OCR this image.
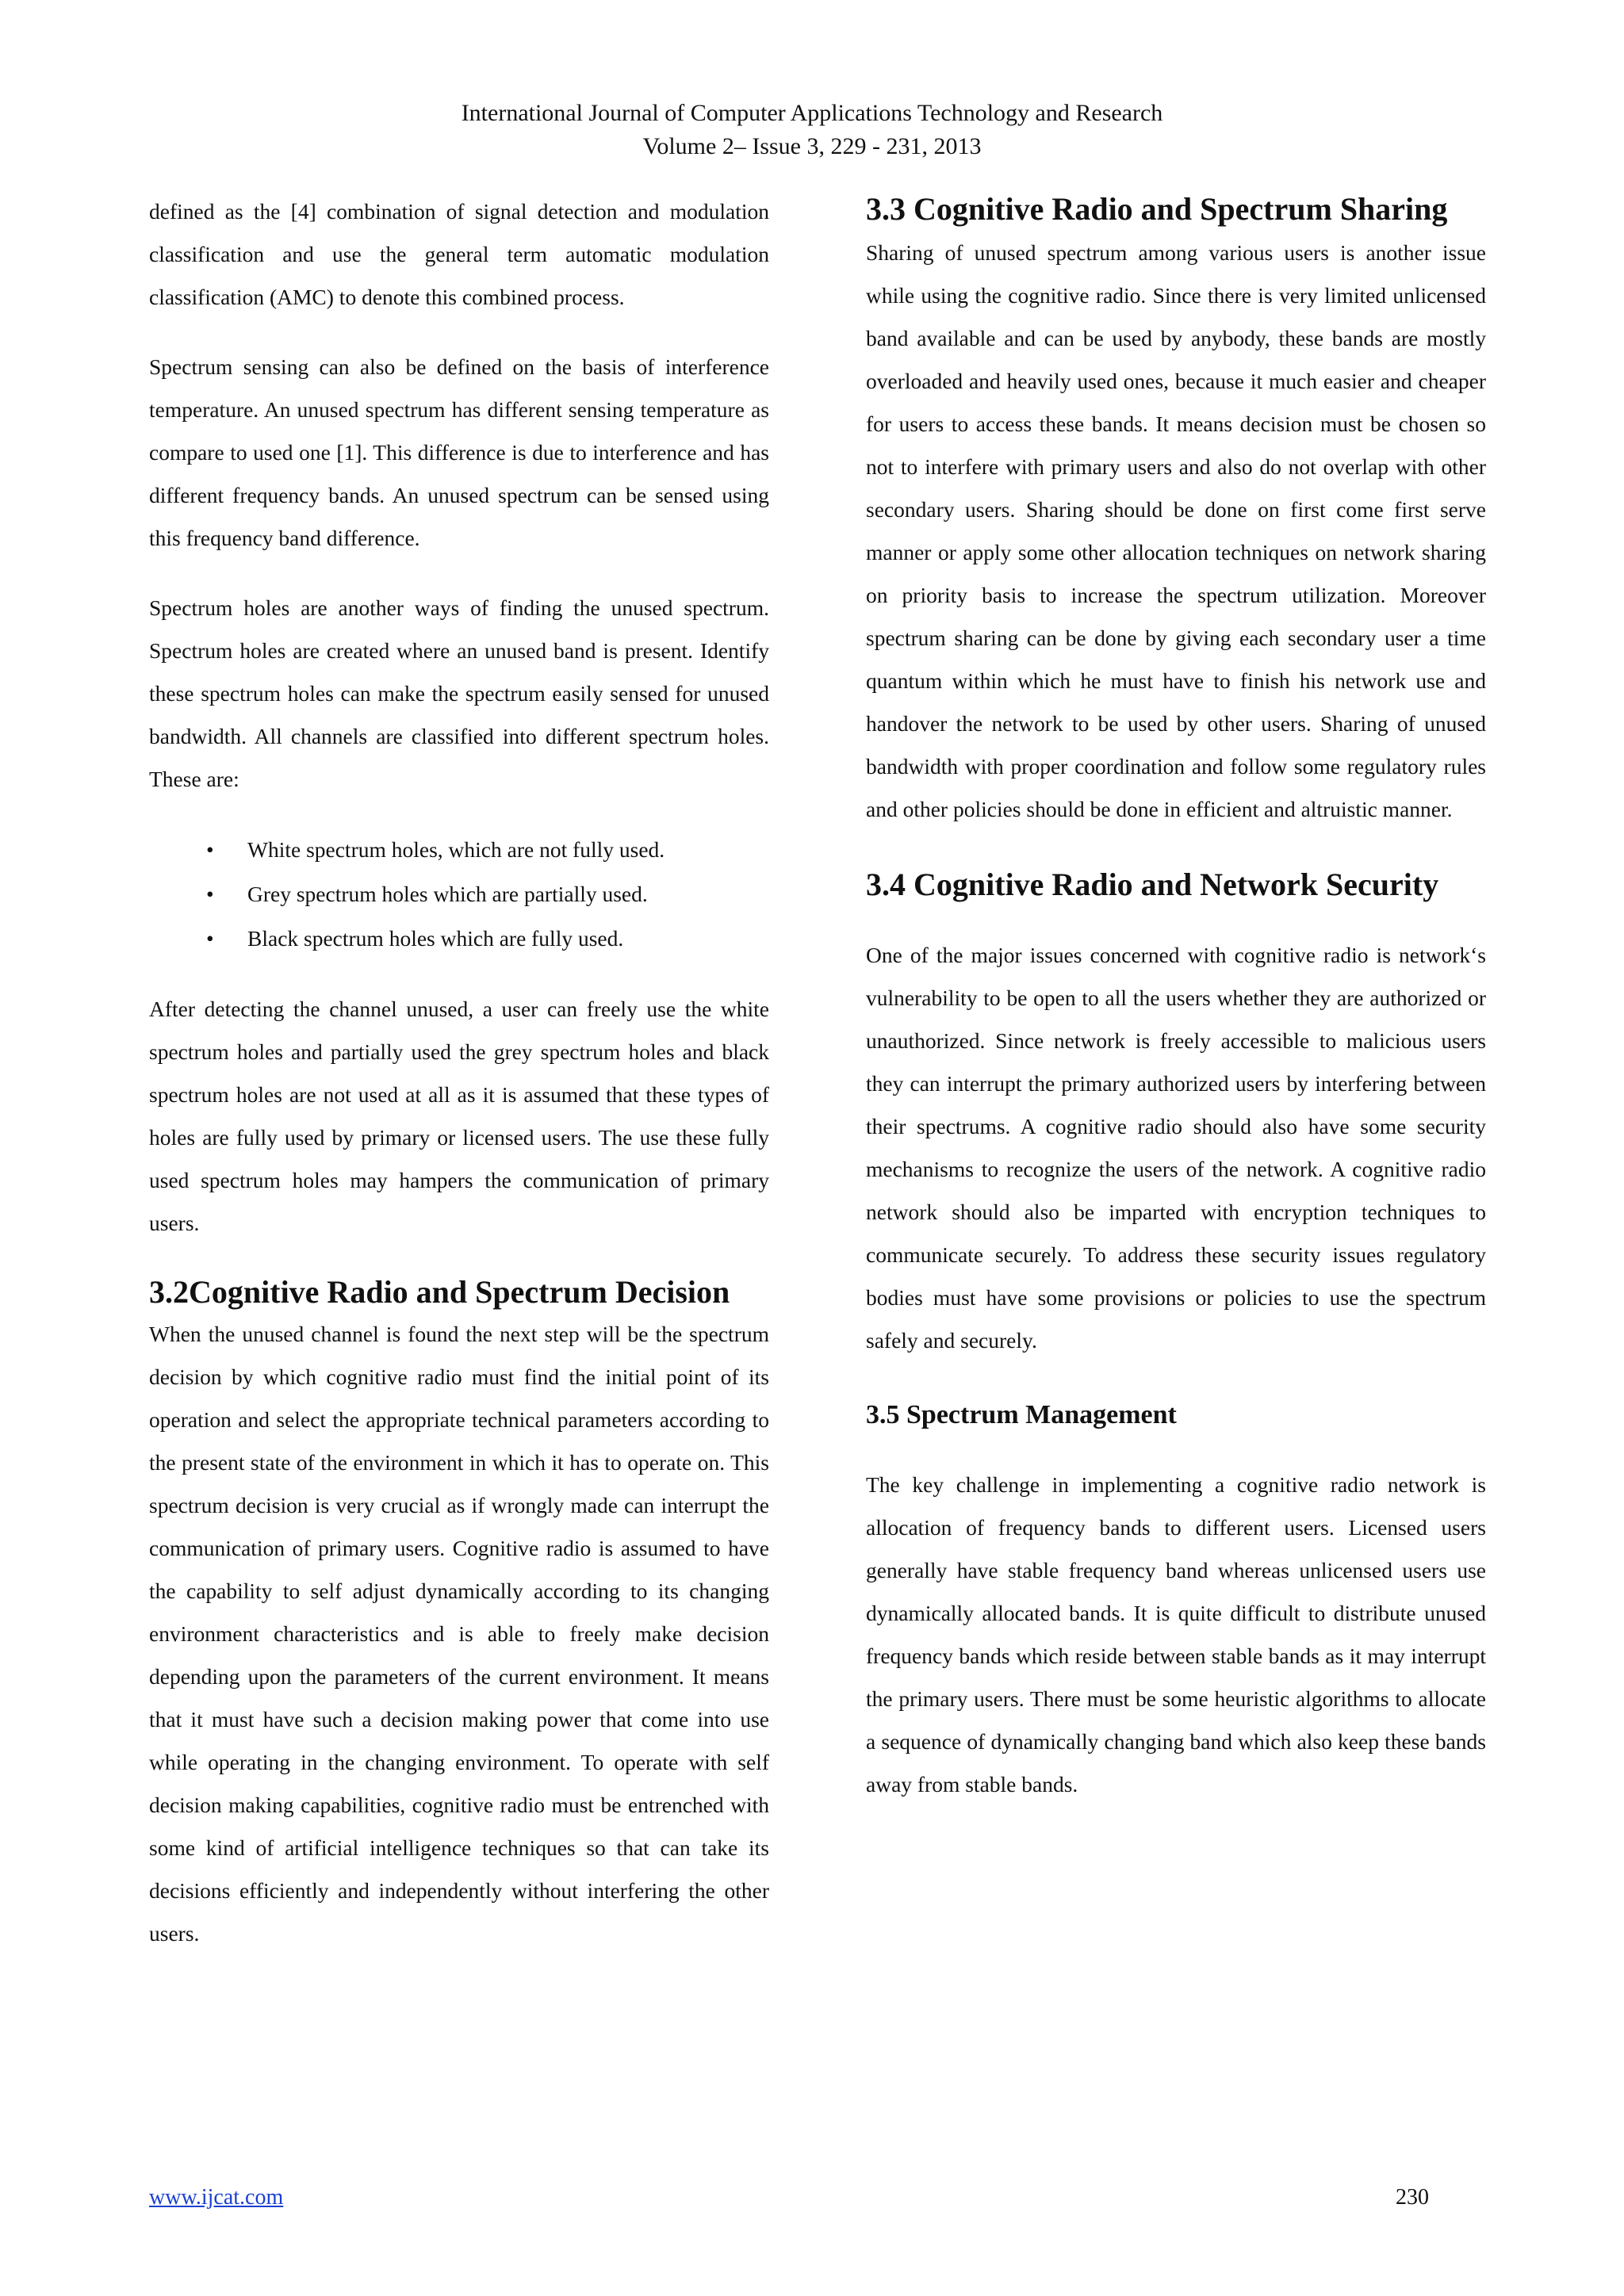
International Journal of Computer Applications Technology and Research
Volume 2– Issue 3, 229 - 231, 2013

defined as the [4] combination of signal detection and modulation classification and use the general term automatic modulation classification (AMC) to denote this combined process.

Spectrum sensing can also be defined on the basis of interference temperature. An unused spectrum has different sensing temperature as compare to used one [1]. This difference is due to interference and has different frequency bands. An unused spectrum can be sensed using this frequency band difference.

Spectrum holes are another ways of finding the unused spectrum. Spectrum holes are created where an unused band is present. Identify these spectrum holes can make the spectrum easily sensed for unused bandwidth. All channels are classified into different spectrum holes. These are:

• White spectrum holes, which are not fully used.
• Grey spectrum holes which are partially used.
• Black spectrum holes which are fully used.

After detecting the channel unused, a user can freely use the white spectrum holes and partially used the grey spectrum holes and black spectrum holes are not used at all as it is assumed that these types of holes are fully used by primary or licensed users. The use these fully used spectrum holes may hampers the communication of primary users.

3.2Cognitive Radio and Spectrum Decision

When the unused channel is found the next step will be the spectrum decision by which cognitive radio must find the initial point of its operation and select the appropriate technical parameters according to the present state of the environment in which it has to operate on. This spectrum decision is very crucial as if wrongly made can interrupt the communication of primary users. Cognitive radio is assumed to have the capability to self adjust dynamically according to its changing environment characteristics and is able to freely make decision depending upon the parameters of the current environment. It means that it must have such a decision making power that come into use while operating in the changing environment. To operate with self decision making capabilities, cognitive radio must be entrenched with some kind of artificial intelligence techniques so that can take its decisions efficiently and independently without interfering the other users.

3.3 Cognitive Radio and Spectrum Sharing

Sharing of unused spectrum among various users is another issue while using the cognitive radio. Since there is very limited unlicensed band available and can be used by anybody, these bands are mostly overloaded and heavily used ones, because it much easier and cheaper for users to access these bands. It means decision must be chosen so not to interfere with primary users and also do not overlap with other secondary users. Sharing should be done on first come first serve manner or apply some other allocation techniques on network sharing on priority basis to increase the spectrum utilization. Moreover spectrum sharing can be done by giving each secondary user a time quantum within which he must have to finish his network use and handover the network to be used by other users. Sharing of unused bandwidth with proper coordination and follow some regulatory rules and other policies should be done in efficient and altruistic manner.

3.4 Cognitive Radio and Network Security

One of the major issues concerned with cognitive radio is network‘s vulnerability to be open to all the users whether they are authorized or unauthorized. Since network is freely accessible to malicious users they can interrupt the primary authorized users by interfering between their spectrums. A cognitive radio should also have some security mechanisms to recognize the users of the network. A cognitive radio network should also be imparted with encryption techniques to communicate securely. To address these security issues regulatory bodies must have some provisions or policies to use the spectrum safely and securely.

3.5 Spectrum Management

The key challenge in implementing a cognitive radio network is allocation of frequency bands to different users. Licensed users generally have stable frequency band whereas unlicensed users use dynamically allocated bands. It is quite difficult to distribute unused frequency bands which reside between stable bands as it may interrupt the primary users. There must be some heuristic algorithms to allocate a sequence of dynamically changing band which also keep these bands away from stable bands.

www.ijcat.com	230
